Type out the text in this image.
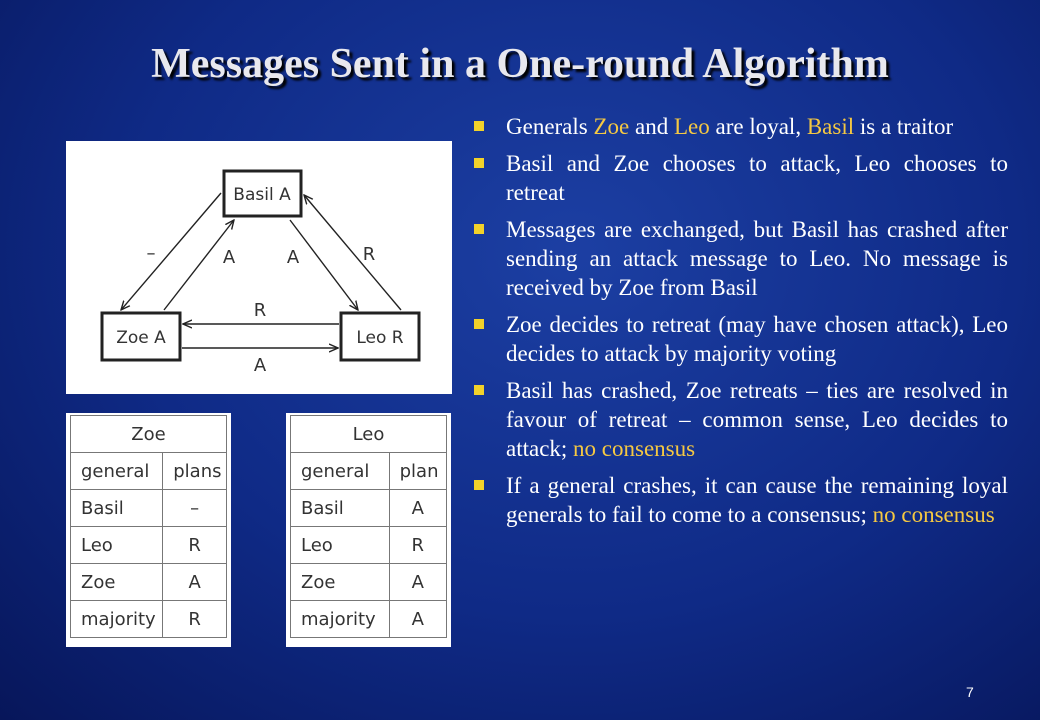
Messages Sent in a One-round Algorithm
Basil A
Zoe A	Leo R
–	A	A	R
R
A
Zoe	
general	plans
Basil	–
Leo	R
Zoe	A
majority	R
Leo	
general	plan
Basil	A
Leo	R
Zoe	A
majority	A
Generals Zoe and Leo are loyal, Basil is a traitor
Basil and Zoe chooses to attack, Leo chooses to retreat
Messages are exchanged, but Basil has crashed after sending an attack message to Leo. No message is received by Zoe from Basil
Zoe decides to retreat (may have chosen attack), Leo decides to attack by majority voting
Basil has crashed, Zoe retreats – ties are resolved in favour of retreat – common sense, Leo decides to attack; no consensus
If a general crashes, it can cause the remaining loyal generals to fail to come to a consensus; no consensus
7
